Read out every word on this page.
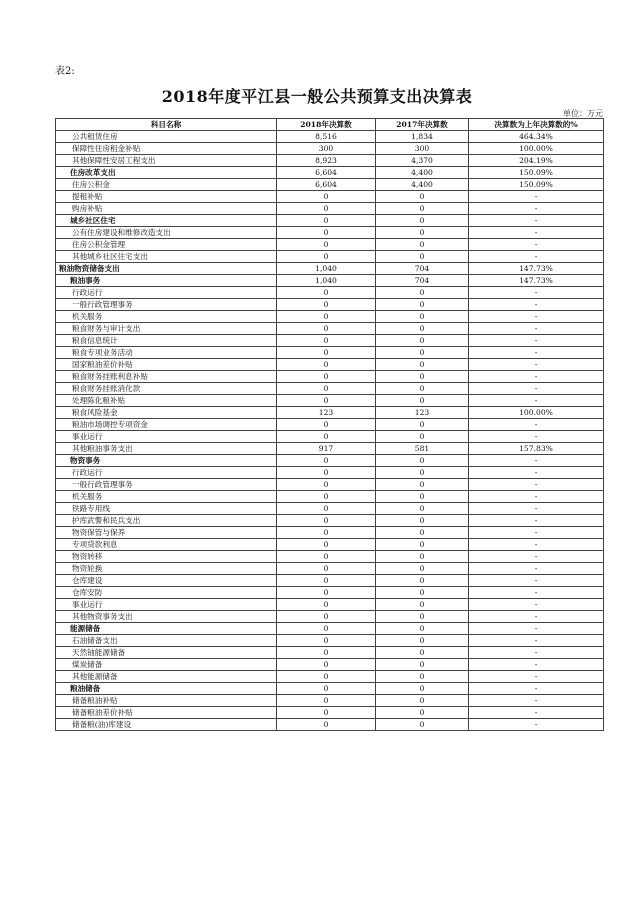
表2:
2018年度平江县一般公共预算支出决算表
单位：万元
科目名称	2018年决算数	2017年决算数	决算数为上年决算数的%
公共租赁住房	8,516	1,834	464.34%
保障性住房租金补贴	300	300	100.00%
其他保障性安居工程支出	8,923	4,370	204.19%
住房改革支出	6,604	4,400	150.09%
住房公积金	6,604	4,400	150.09%
提租补贴	0	0	-
购房补贴	0	0	-
城乡社区住宅	0	0	-
公有住房建设和维修改造支出	0	0	-
住房公积金管理	0	0	-
其他城乡社区住宅支出	0	0	-
粮油物资储备支出	1,040	704	147.73%
粮油事务	1,040	704	147.73%
行政运行	0	0	-
一般行政管理事务	0	0	-
机关服务	0	0	-
粮食财务与审计支出	0	0	-
粮食信息统计	0	0	-
粮食专项业务活动	0	0	-
国家粮油差价补贴	0	0	-
粮食财务挂账利息补贴	0	0	-
粮食财务挂账消化款	0	0	-
处理陈化粮补贴	0	0	-
粮食风险基金	123	123	100.00%
粮油市场调控专项资金	0	0	-
事业运行	0	0	-
其他粮油事务支出	917	581	157.83%
物资事务	0	0	-
行政运行	0	0	-
一般行政管理事务	0	0	-
机关服务	0	0	-
铁路专用线	0	0	-
护库武警和民兵支出	0	0	-
物资保管与保养	0	0	-
专项贷款利息	0	0	-
物资转移	0	0	-
物资轮换	0	0	-
仓库建设	0	0	-
仓库安防	0	0	-
事业运行	0	0	-
其他物资事务支出	0	0	-
能源储备	0	0	-
石油储备支出	0	0	-
天然铀能源储备	0	0	-
煤炭储备	0	0	-
其他能源储备	0	0	-
粮油储备	0	0	-
储备粮油补贴	0	0	-
储备粮油差价补贴	0	0	-
储备粮(油)库建设	0	0	-
